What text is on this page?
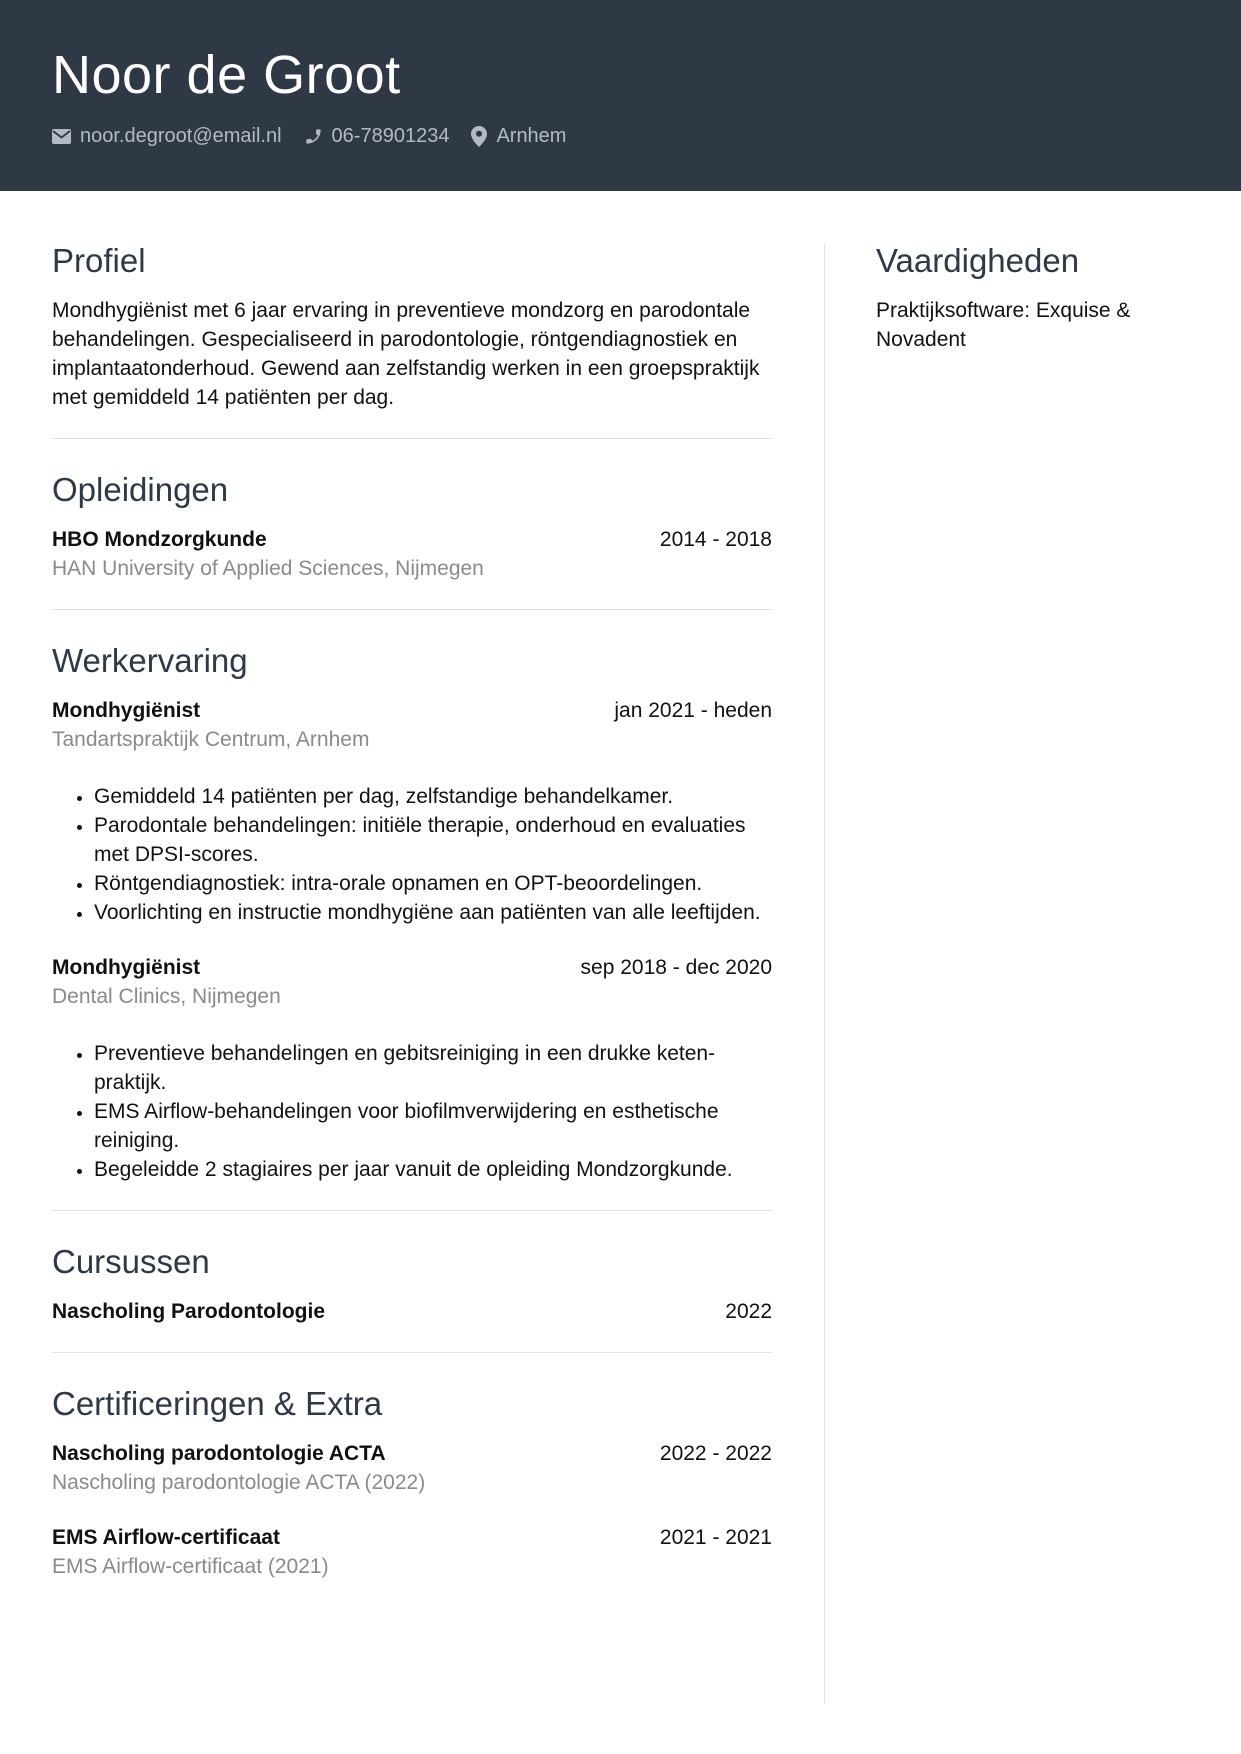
Noor de Groot
noor.degroot@email.nl	06-78901234 Arnhem
Profiel

Mondhygiënist met 6 jaar ervaring in preventieve mondzorg en parodontale behandelingen. Gespecialiseerd in parodontologie, röntgendiagnostiek en implantaatonderhoud. Gewend aan zelfstandig werken in een groepspraktijk met gemiddeld 14 patiënten per dag.

Opleidingen
HBO Mondzorgkunde	2014 - 2018
HAN University of Applied Sciences, Nijmegen
Werkervaring
Mondhygiënist	jan 2021 - heden
Tandartspraktijk Centrum, Arnhem
• Gemiddeld 14 patiënten per dag, zelfstandige behandelkamer.
• Parodontale behandelingen: initiële therapie, onderhoud en evaluaties met DPSI-scores.
• Röntgendiagnostiek: intra-orale opnamen en OPT-beoordelingen.
• Voorlichting en instructie mondhygiëne aan patiënten van alle leeftijden.
Mondhygiënist	sep 2018 - dec 2020
Dental Clinics, Nijmegen
• Preventieve behandelingen en gebitsreiniging in een drukke keten-praktijk.
• EMS Airflow-behandelingen voor biofilmverwijdering en esthetische reiniging.
• Begeleidde 2 stagiaires per jaar vanuit de opleiding Mondzorgkunde.
Cursussen
Nascholing Parodontologie	2022
Certificeringen & Extra
Nascholing parodontologie ACTA	2022 - 2022
Nascholing parodontologie ACTA (2022)
EMS Airflow-certificaat	2021 - 2021
EMS Airflow-certificaat (2021)
Vaardigheden

Praktijksoftware: Exquise & Novadent
